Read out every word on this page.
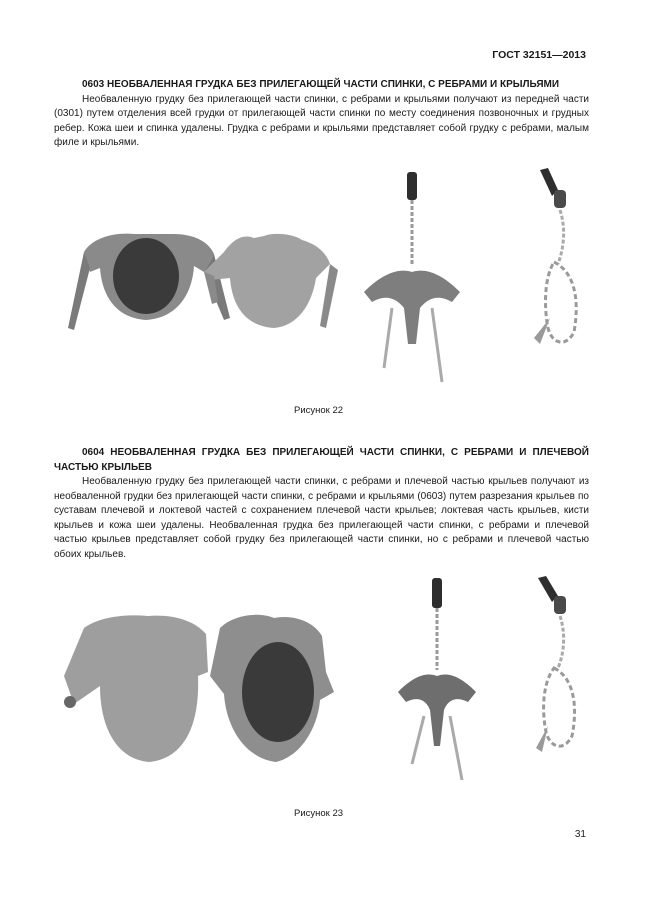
ГОСТ 32151—2013
0603 НЕОБВАЛЕННАЯ ГРУДКА БЕЗ ПРИЛЕГАЮЩЕЙ ЧАСТИ СПИНКИ, С РЕБРАМИ И КРЫЛЬЯМИ

Необваленную грудку без прилегающей части спинки, с ребрами и крыльями получают из передней части (0301) путем отделения всей грудки от прилегающей части спинки по месту соединения позвоночных и грудных ребер. Кожа шеи и спинка удалены. Грудка с ребрами и крыльями представляет собой грудку с ребрами, малым филе и крыльями.

Рисунок 22
0604 НЕОБВАЛЕННАЯ ГРУДКА БЕЗ ПРИЛЕГАЮЩЕЙ ЧАСТИ СПИНКИ, С РЕБРАМИ И ПЛЕЧЕВОЙ ЧАСТЬЮ КРЫЛЬЕВ

Необваленную грудку без прилегающей части спинки, с ребрами и плечевой частью крыльев получают из необваленной грудки без прилегающей части спинки, с ребрами и крыльями (0603) путем разрезания крыльев по суставам плечевой и локтевой частей с сохранением плечевой части крыльев; локтевая часть крыльев, кисти крыльев и кожа шеи удалены. Необваленная грудка без прилегающей части спинки, с ребрами и плечевой частью крыльев представляет собой грудку без прилегающей части спинки, но с ребрами и плечевой частью обоих крыльев.

Рисунок 23
31
